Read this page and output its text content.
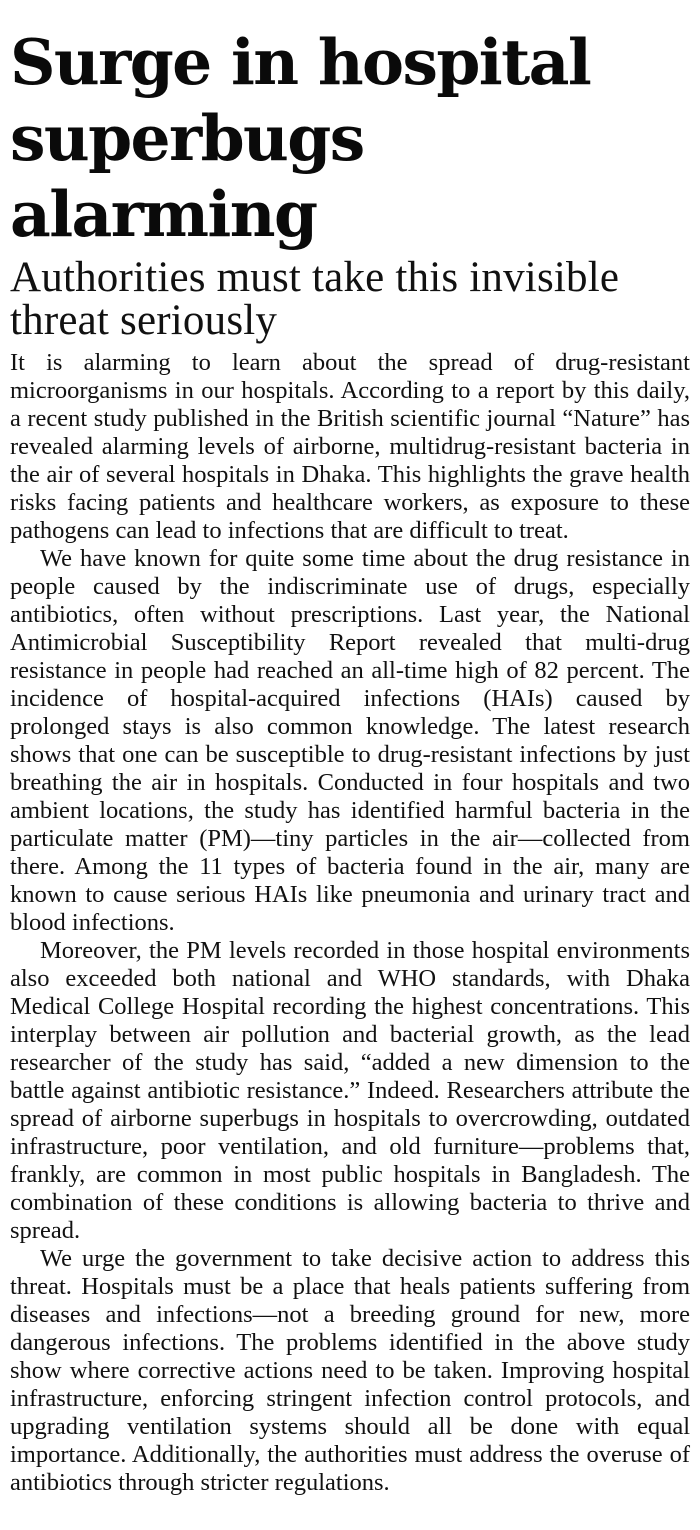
Surge in hospital superbugs alarming
Authorities must take this invisible threat seriously

It is alarming to learn about the spread of drug-resistant microorganisms in our hospitals. According to a report by this daily, a recent study published in the British scientific journal “Nature” has revealed alarming levels of airborne, multidrug-resistant bacteria in the air of several hospitals in Dhaka. This highlights the grave health risks facing patients and healthcare workers, as exposure to these pathogens can lead to infections that are difficult to treat.

We have known for quite some time about the drug resistance in people caused by the indiscriminate use of drugs, especially antibiotics, often without prescriptions. Last year, the National Antimicrobial Susceptibility Report revealed that multi-drug resistance in people had reached an all-time high of 82 percent. The incidence of hospital-acquired infections (HAIs) caused by prolonged stays is also common knowledge. The latest research shows that one can be susceptible to drug-resistant infections by just breathing the air in hospitals. Conducted in four hospitals and two ambient locations, the study has identified harmful bacteria in the particulate matter (PM)—tiny particles in the air—collected from there. Among the 11 types of bacteria found in the air, many are known to cause serious HAIs like pneumonia and urinary tract and blood infections.

Moreover, the PM levels recorded in those hospital environments also exceeded both national and WHO standards, with Dhaka Medical College Hospital recording the highest concentrations. This interplay between air pollution and bacterial growth, as the lead researcher of the study has said, “added a new dimension to the battle against antibiotic resistance.” Indeed. Researchers attribute the spread of airborne superbugs in hospitals to overcrowding, outdated infrastructure, poor ventilation, and old furniture—problems that, frankly, are common in most public hospitals in Bangladesh. The combination of these conditions is allowing bacteria to thrive and spread.

We urge the government to take decisive action to address this threat. Hospitals must be a place that heals patients suffering from diseases and infections—not a breeding ground for new, more dangerous infections. The problems identified in the above study show where corrective actions need to be taken. Improving hospital infrastructure, enforcing stringent infection control protocols, and upgrading ventilation systems should all be done with equal importance. Additionally, the authorities must address the overuse of antibiotics through stricter regulations.
